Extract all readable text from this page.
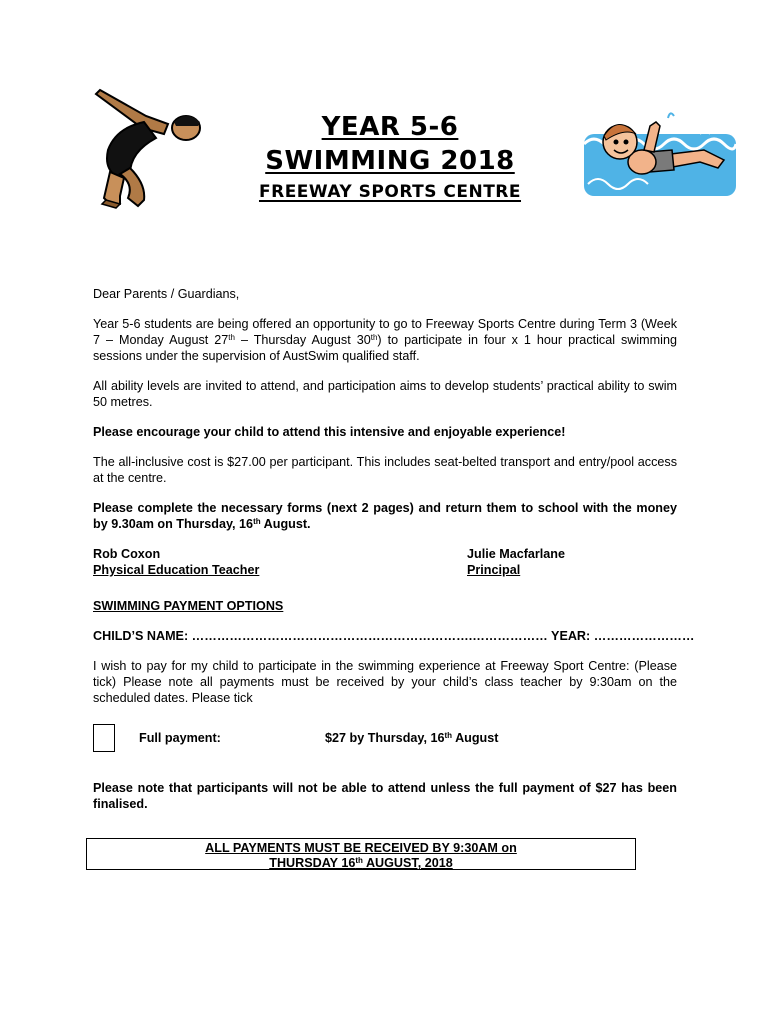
YEAR 5-6
SWIMMING 2018
FREEWAY SPORTS CENTRE

Dear Parents / Guardians,

Year 5-6 students are being offered an opportunity to go to Freeway Sports Centre during Term 3 (Week 7 – Monday August 27th – Thursday August 30th) to participate in four x 1 hour practical swimming sessions under the supervision of AustSwim qualified staff.

All ability levels are invited to attend, and participation aims to develop students’ practical ability to swim 50 metres.

Please encourage your child to attend this intensive and enjoyable experience!

The all-inclusive cost is $27.00 per participant. This includes seat-belted transport and entry/pool access at the centre.

Please complete the necessary forms (next 2 pages) and return them to school with the money by 9.30am on Thursday, 16th August.

Rob Coxon
Physical Education Teacher
Julie Macfarlane
Principal

SWIMMING PAYMENT OPTIONS

CHILD’S NAME: ………………………………………………………….……………… YEAR: ……………………

I wish to pay for my child to participate in the swimming experience at Freeway Sport Centre: (Please tick) Please note all payments must be received by your child’s class teacher by 9:30am on the scheduled dates. Please tick

Full payment:	$27 by Thursday, 16th August

Please note that participants will not be able to attend unless the full payment of $27 has been finalised.

ALL PAYMENTS MUST BE RECEIVED BY 9:30AM on
THURSDAY 16th AUGUST, 2018
